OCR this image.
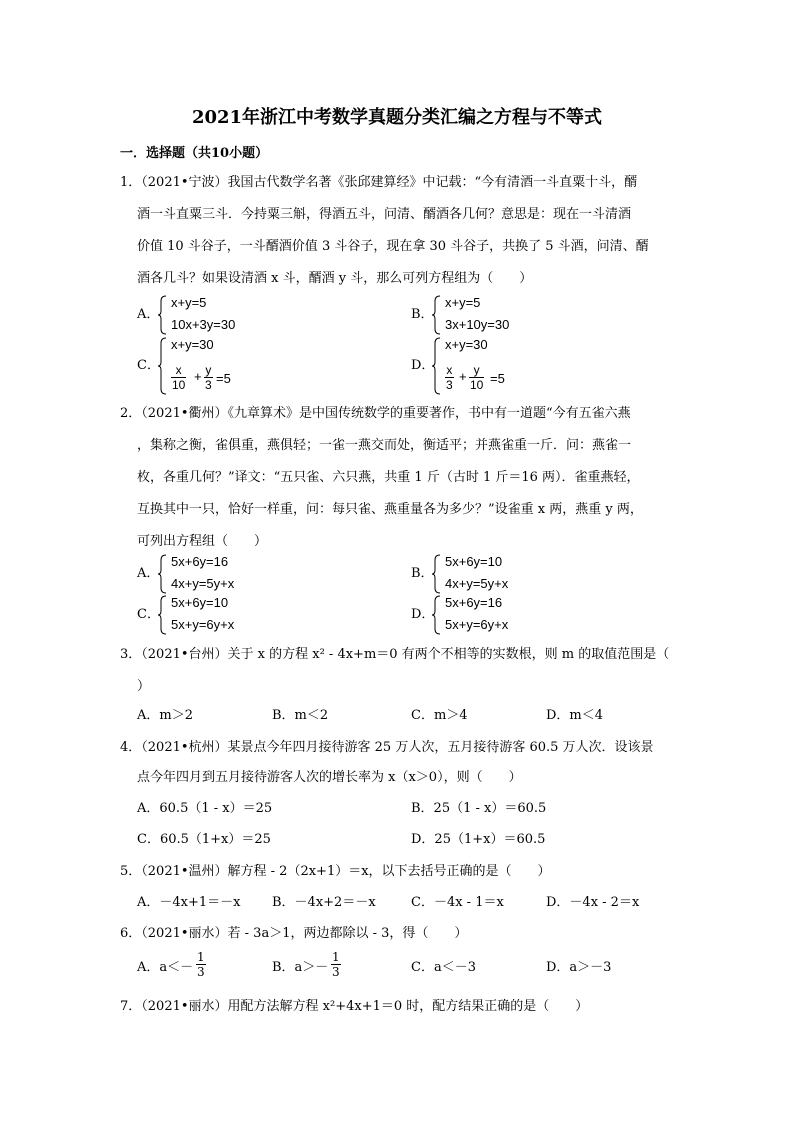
2021年浙江中考数学真题分类汇编之方程与不等式
一．选择题（共10小题）
1．（2021•宁波）我国古代数学名著《张邱建算经》中记载：“今有清酒一斗直粟十斗，醑
酒一斗直粟三斗．今持粟三斛，得酒五斗，问清、醑酒各几何？意思是：现在一斗清酒
价值 10 斗谷子，一斗醑酒价值 3 斗谷子，现在拿 30 斗谷子，共换了 5 斗酒，问清、醑
酒各几斗？如果设清酒 x 斗，醑酒 y 斗，那么可列方程组为（　　）
A．
x+y=5
10x+3y=30
B．
x+y=5
3x+10y=30
C．
x+y=30
$\frac{x}{10} + \frac{y}{3} =5$
D．
x+y=30
$\frac{x}{3} + \frac{y}{10} =5$
2．（2021•衢州）《九章算术》是中国传统数学的重要著作，书中有一道题“今有五雀六燕
，集称之衡，雀俱重，燕俱轻；一雀一燕交而处，衡适平；并燕雀重一斤．问：燕雀一
枚，各重几何？”译文：“五只雀、六只燕，共重 1 斤（古时 1 斤＝16 两）．雀重燕轻，
互换其中一只，恰好一样重，问：每只雀、燕重量各为多少？”设雀重 x 两，燕重 y 两，
可列出方程组（　　）
A．
5x+6y=16
4x+y=5y+x
B．
5x+6y=10
4x+y=5y+x
C．
5x+6y=10
5x+y=6y+x
D．
5x+6y=16
5x+y=6y+x
3．（2021•台州）关于 x 的方程 x² - 4x+m＝0 有两个不相等的实数根，则 m 的取值范围是（
）
A．m＞2	B．m＜2	C．m＞4	D．m＜4
4．（2021•杭州）某景点今年四月接待游客 25 万人次，五月接待游客 60.5 万人次．设该景
点今年四月到五月接待游客人次的增长率为 x（x＞0），则（　　）
A．60.5（1 - x）＝25	B．25（1 - x）＝60.5
C．60.5（1+x）＝25	D．25（1+x）＝60.5
5．（2021•温州）解方程 - 2（2x+1）＝x，以下去括号正确的是（　　）
A．－4x+1＝－x B．－4x+2＝－x	C．－4x - 1＝x	D．－4x - 2＝x
6．（2021•丽水）若 - 3a＞1，两边都除以 - 3，得（　　）
A．$a<- \frac{1}{3}$	B．$a>- \frac{1}{3}$	C．a＜－3	D．a＞－3
7．（2021•丽水）用配方法解方程 x²+4x+1＝0 时，配方结果正确的是（　　）
